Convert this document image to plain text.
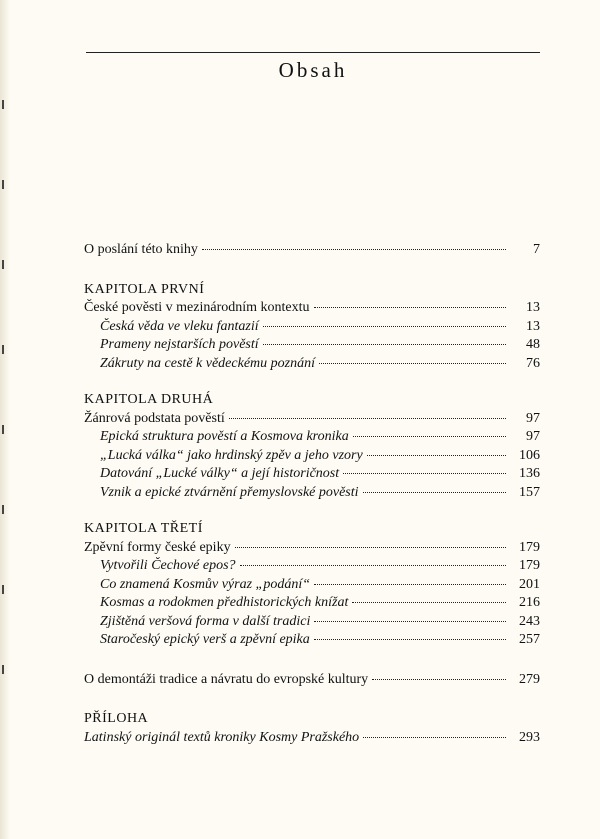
Obsah
O poslání této knihy	7
KAPITOLA PRVNÍ
České pověsti v mezinárodním kontextu	13
Česká věda ve vleku fantazií	13
Prameny nejstarších pověstí	48
Zákruty na cestě k vědeckému poznání	76
KAPITOLA DRUHÁ
Žánrová podstata pověstí	97
Epická struktura pověstí a Kosmova kronika	97
„Lucká válka“ jako hrdinský zpěv a jeho vzory	106
Datování „Lucké války“ a její historičnost	136
Vznik a epické ztvárnění přemyslovské pověsti	157
KAPITOLA TŘETÍ
Zpěvní formy české epiky	179
Vytvořili Čechové epos?	179
Co znamená Kosmův výraz „podání“	201
Kosmas a rodokmen předhistorických knížat	216
Zjištěná veršová forma v další tradici	243
Staročeský epický verš a zpěvní epika	257
O demontáži tradice a návratu do evropské kultury	279
PŘÍLOHA
Latinský originál textů kroniky Kosmy Pražského	293
